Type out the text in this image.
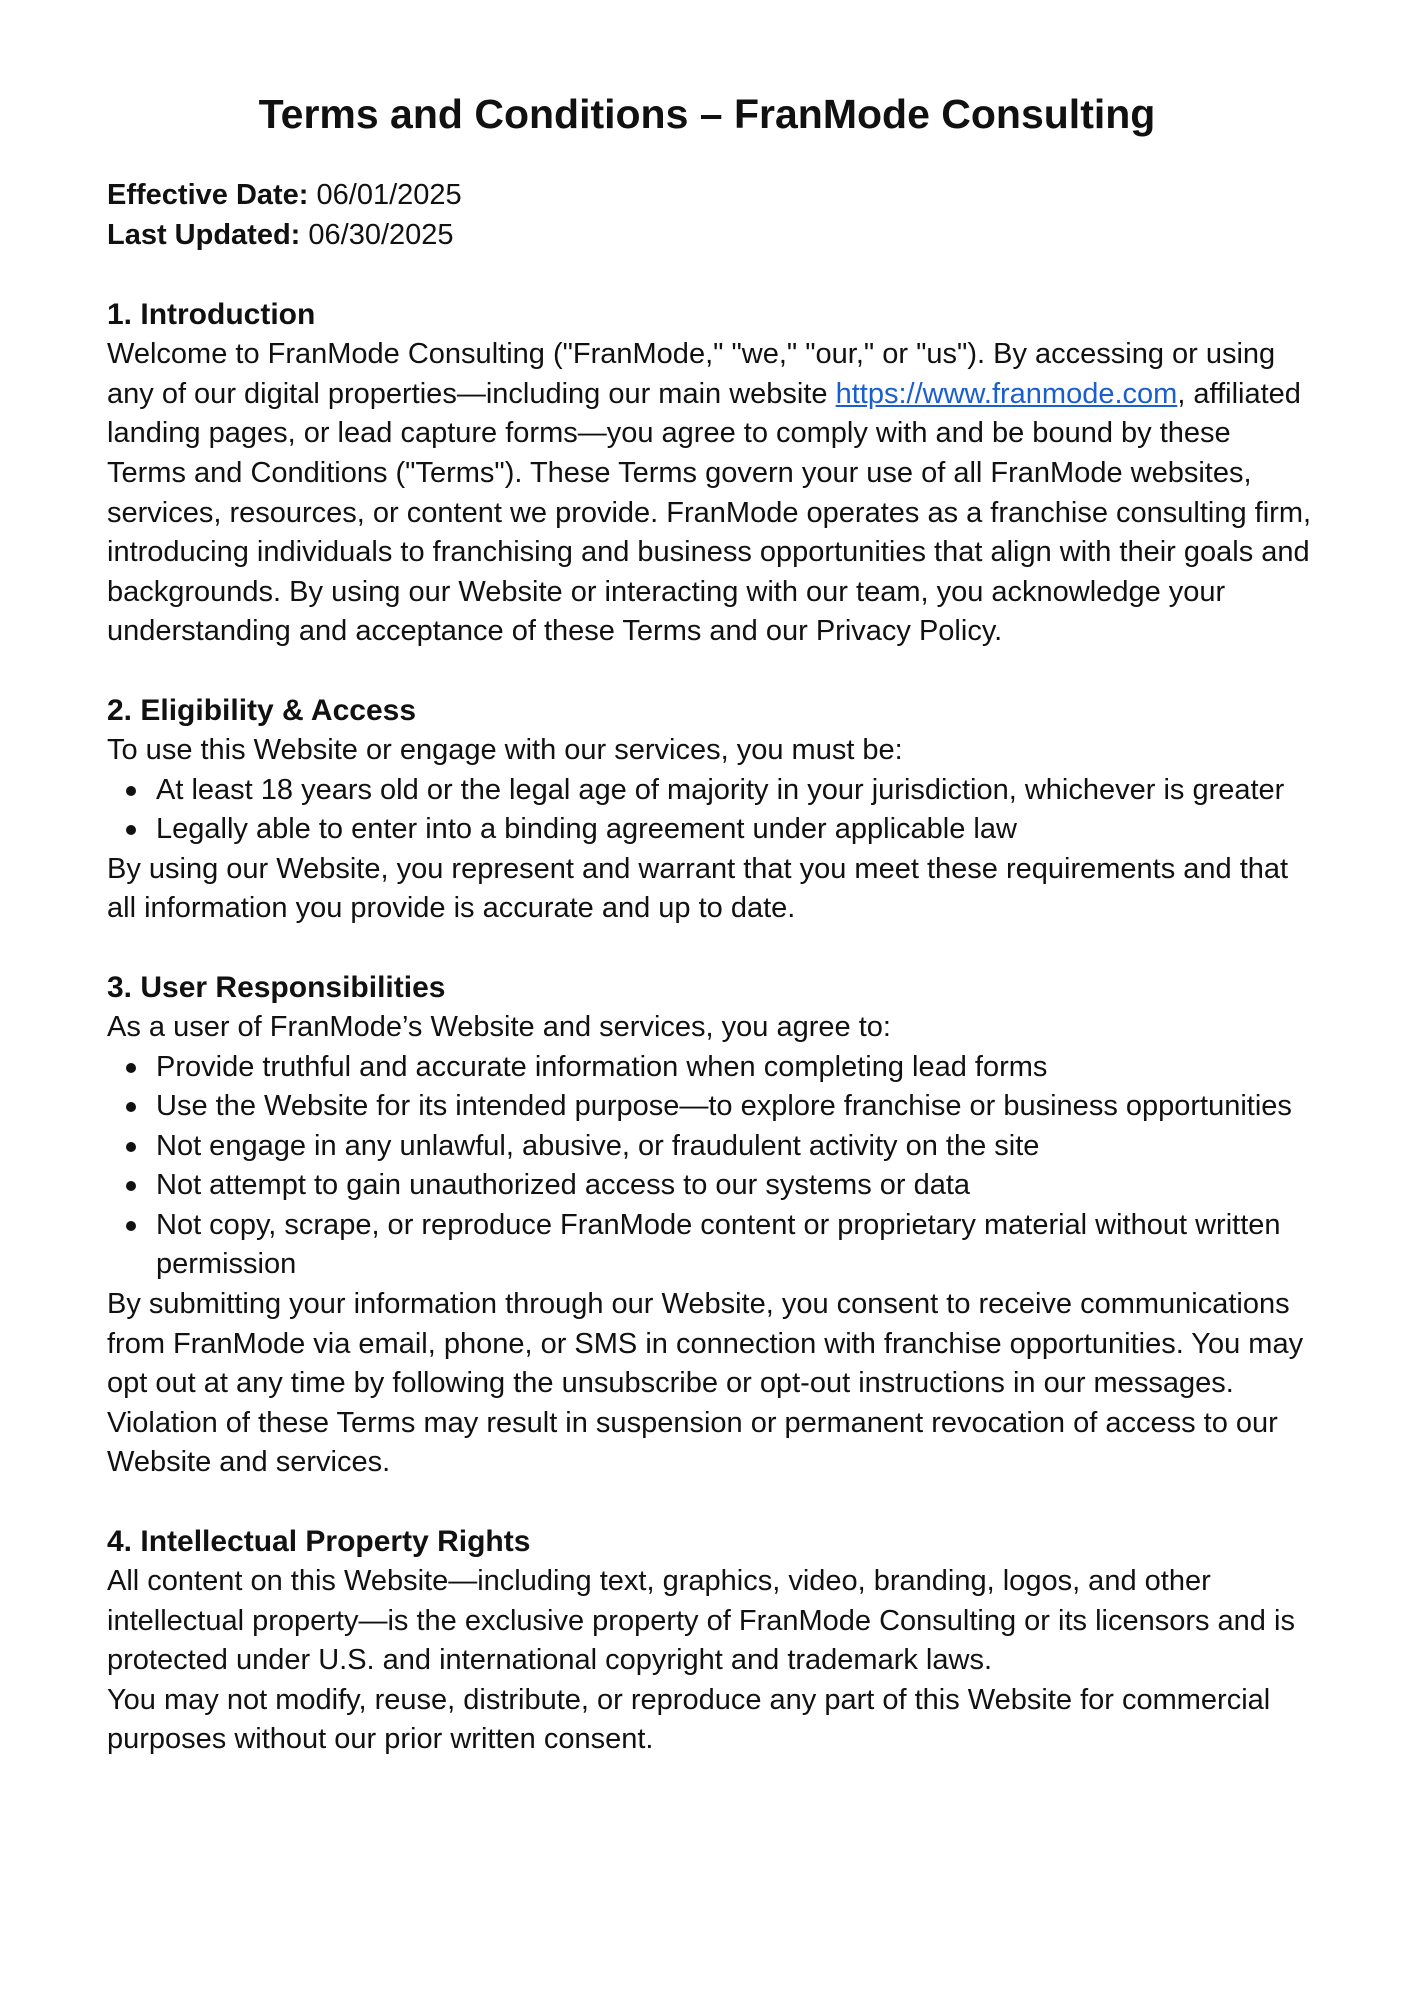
Terms and Conditions – FranMode Consulting

Effective Date: 06/01/2025

Last Updated: 06/30/2025

1. Introduction

Welcome to FranMode Consulting ("FranMode," "we," "our," or "us"). By accessing or using any of our digital properties—including our main website https://www.franmode.com, affiliated landing pages, or lead capture forms—you agree to comply with and be bound by these Terms and Conditions ("Terms"). These Terms govern your use of all FranMode websites, services, resources, or content we provide. FranMode operates as a franchise consulting firm, introducing individuals to franchising and business opportunities that align with their goals and backgrounds. By using our Website or interacting with our team, you acknowledge your understanding and acceptance of these Terms and our Privacy Policy.

2. Eligibility & Access

To use this Website or engage with our services, you must be:

At least 18 years old or the legal age of majority in your jurisdiction, whichever is greater
Legally able to enter into a binding agreement under applicable law

By using our Website, you represent and warrant that you meet these requirements and that all information you provide is accurate and up to date.

3. User Responsibilities

As a user of FranMode’s Website and services, you agree to:

Provide truthful and accurate information when completing lead forms
Use the Website for its intended purpose—to explore franchise or business opportunities
Not engage in any unlawful, abusive, or fraudulent activity on the site
Not attempt to gain unauthorized access to our systems or data
Not copy, scrape, or reproduce FranMode content or proprietary material without written permission

By submitting your information through our Website, you consent to receive communications from FranMode via email, phone, or SMS in connection with franchise opportunities. You may opt out at any time by following the unsubscribe or opt-out instructions in our messages.

Violation of these Terms may result in suspension or permanent revocation of access to our Website and services.

4. Intellectual Property Rights

All content on this Website—including text, graphics, video, branding, logos, and other intellectual property—is the exclusive property of FranMode Consulting or its licensors and is protected under U.S. and international copyright and trademark laws.

You may not modify, reuse, distribute, or reproduce any part of this Website for commercial purposes without our prior written consent.
